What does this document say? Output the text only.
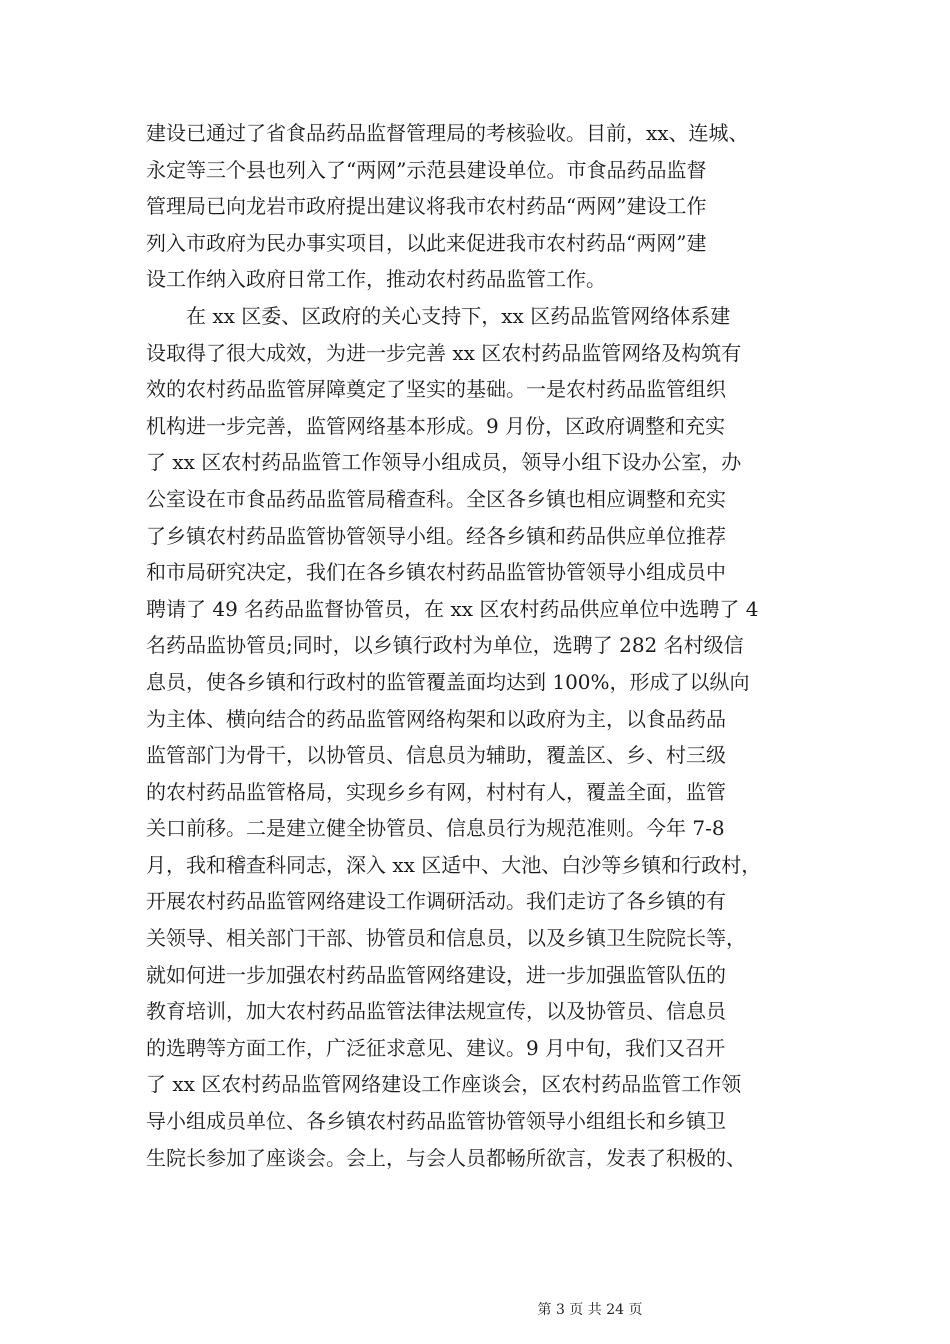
建设已通过了省食品药品监督管理局的考核验收。目前，xx、连城、
永定等三个县也列入了“两网”示范县建设单位。市食品药品监督
管理局已向龙岩市政府提出建议将我市农村药品“两网”建设工作
列入市政府为民办事实项目，以此来促进我市农村药品“两网”建
设工作纳入政府日常工作，推动农村药品监管工作。
　　在 xx 区委、区政府的关心支持下，xx 区药品监管网络体系建
设取得了很大成效，为进一步完善 xx 区农村药品监管网络及构筑有
效的农村药品监管屏障奠定了坚实的基础。一是农村药品监管组织
机构进一步完善，监管网络基本形成。9 月份，区政府调整和充实
了 xx 区农村药品监管工作领导小组成员，领导小组下设办公室，办
公室设在市食品药品监管局稽查科。全区各乡镇也相应调整和充实
了乡镇农村药品监管协管领导小组。经各乡镇和药品供应单位推荐
和市局研究决定，我们在各乡镇农村药品监管协管领导小组成员中
聘请了 49 名药品监督协管员，在 xx 区农村药品供应单位中选聘了 4
名药品监协管员;同时，以乡镇行政村为单位，选聘了 282 名村级信
息员，使各乡镇和行政村的监管覆盖面均达到 100%，形成了以纵向
为主体、横向结合的药品监管网络构架和以政府为主，以食品药品
监管部门为骨干，以协管员、信息员为辅助，覆盖区、乡、村三级
的农村药品监管格局，实现乡乡有网，村村有人，覆盖全面，监管
关口前移。二是建立健全协管员、信息员行为规范准则。今年 7-8
月，我和稽查科同志，深入 xx 区适中、大池、白沙等乡镇和行政村，
开展农村药品监管网络建设工作调研活动。我们走访了各乡镇的有
关领导、相关部门干部、协管员和信息员，以及乡镇卫生院院长等，
就如何进一步加强农村药品监管网络建设，进一步加强监管队伍的
教育培训，加大农村药品监管法律法规宣传，以及协管员、信息员
的选聘等方面工作，广泛征求意见、建议。9 月中旬，我们又召开
了 xx 区农村药品监管网络建设工作座谈会，区农村药品监管工作领
导小组成员单位、各乡镇农村药品监管协管领导小组组长和乡镇卫
生院长参加了座谈会。会上，与会人员都畅所欲言，发表了积极的、
第 3 页 共 24 页
